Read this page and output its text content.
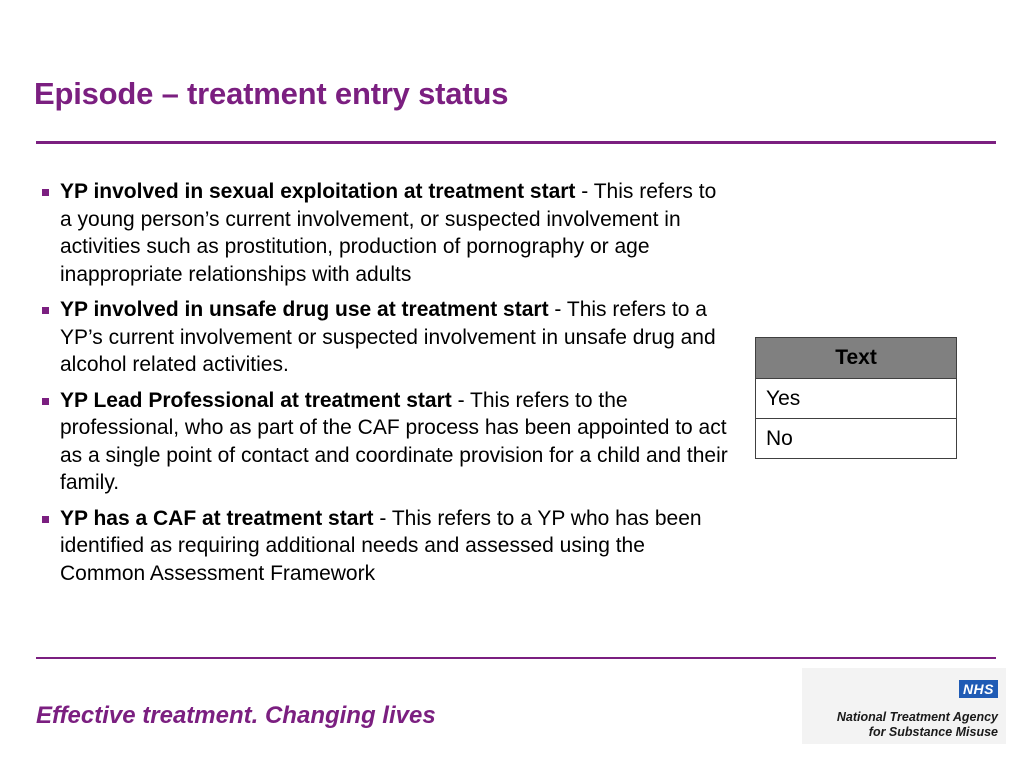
Episode – treatment entry status
YP involved in sexual exploitation at treatment start - This refers to a young person’s current involvement, or suspected involvement in activities such as prostitution, production of pornography or age inappropriate relationships with adults
YP involved in unsafe drug use at treatment start - This refers to a YP’s current involvement or suspected involvement in unsafe drug and alcohol related activities.
YP Lead Professional at treatment start - This refers to the professional, who as part of the CAF process has been appointed to act as a single point of contact and coordinate provision for a child and their family.
YP has a CAF at treatment start - This refers to a YP who has been identified as requiring additional needs and assessed using the Common Assessment Framework
Text
Yes
No
Effective treatment. Changing lives
NHS
National Treatment Agency
for Substance Misuse
